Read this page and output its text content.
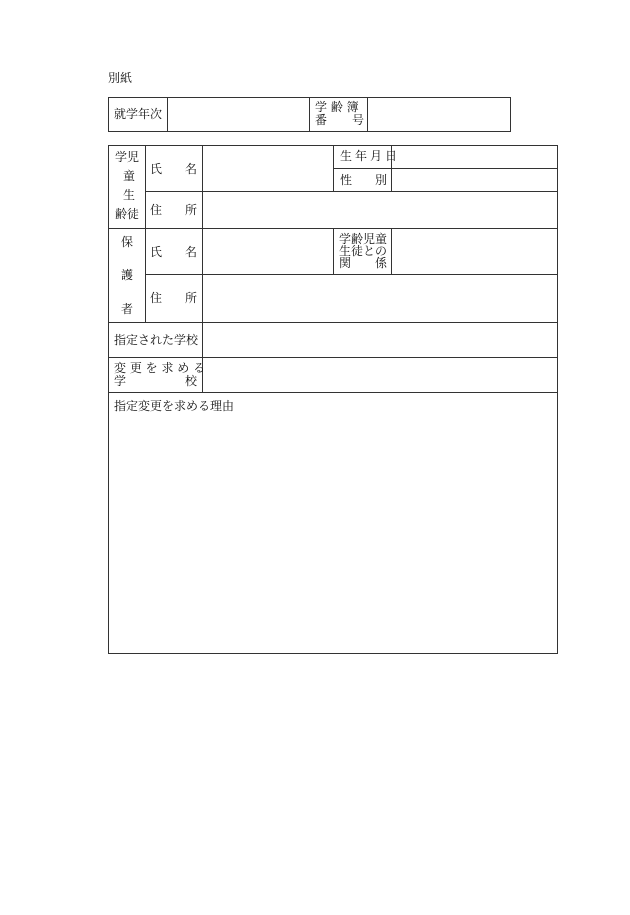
別紙
就学年次	学 齢 簿
番 号
学児
童
生
齢徒
氏 名
生年月日
性 別
住 所
保
護
者
氏 名
学齢児童
生徒との
関 係
住 所
指定された学校
変 更 を 求 め る
学	校
指定変更を求める理由
